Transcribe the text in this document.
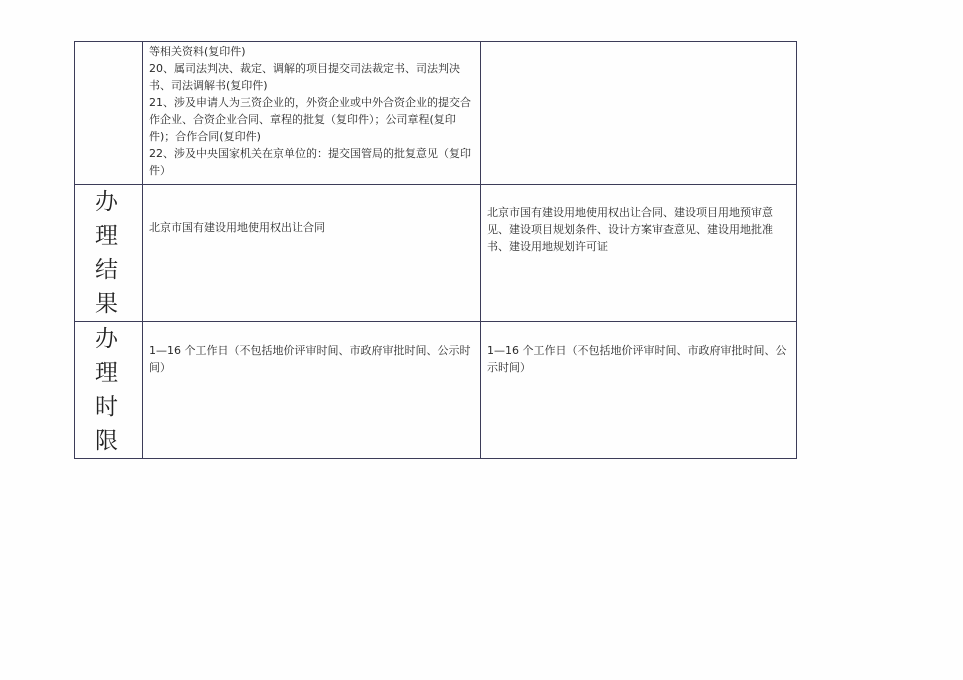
	等相关资料(复印件)
20、属司法判决、裁定、调解的项目提交司法裁定书、司法判决书、司法调解书(复印件)
21、涉及申请人为三资企业的，外资企业或中外合资企业的提交合作企业、合资企业合同、章程的批复（复印件）；公司章程(复印件)；合作合同(复印件)
22、涉及中央国家机关在京单位的：提交国管局的批复意见（复印件）	

办理结果	北京市国有建设用地使用权出让合同	北京市国有建设用地使用权出让合同、建设项目用地预审意见、建设项目规划条件、设计方案审查意见、建设用地批准书、建设用地规划许可证

办理时限	1—16 个工作日（不包括地价评审时间、市政府审批时间、公示时间）	1—16 个工作日（不包括地价评审时间、市政府审批时间、公示时间）
